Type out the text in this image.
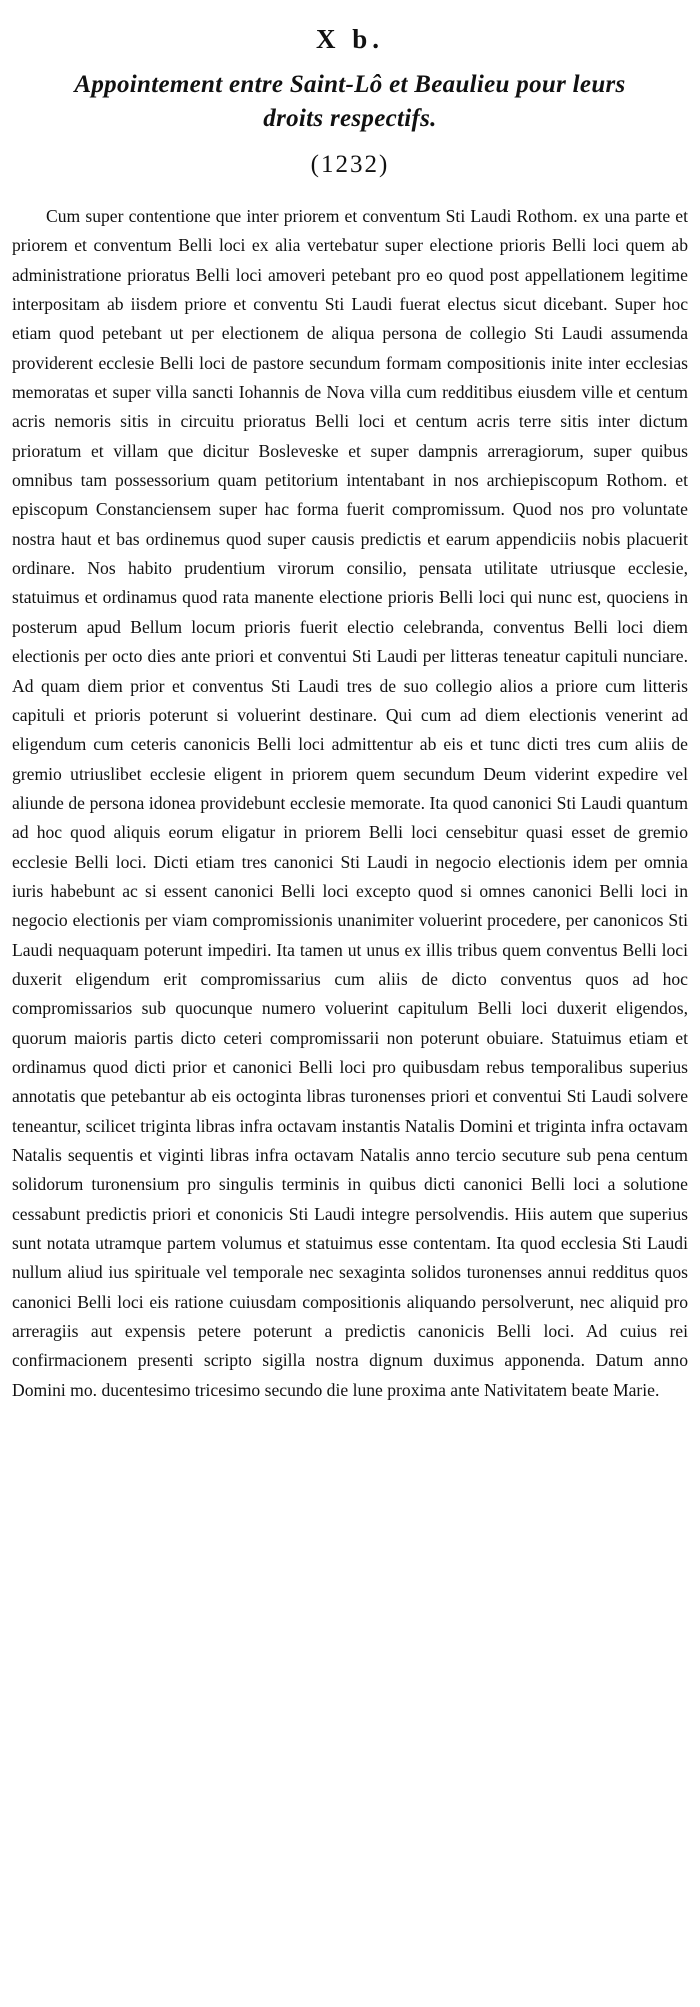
X b.
Appointement entre Saint-Lô et Beaulieu pour leurs droits respectifs.
(1232)

Cum super contentione que inter priorem et conventum Sti Laudi Rothom. ex una parte et priorem et conventum Belli loci ex alia vertebatur super electione prioris Belli loci quem ab administratione prioratus Belli loci amoveri petebant pro eo quod post appellationem legitime interpositam ab iisdem priore et conventu Sti Laudi fuerat electus sicut dicebant. Super hoc etiam quod petebant ut per electionem de aliqua persona de collegio Sti Laudi assumenda providerent ecclesie Belli loci de pastore secundum formam compositionis inite inter ecclesias memoratas et super villa sancti Iohannis de Nova villa cum redditibus eiusdem ville et centum acris nemoris sitis in circuitu prioratus Belli loci et centum acris terre sitis inter dictum prioratum et villam que dicitur Bosleveske et super dampnis arreragiorum, super quibus omnibus tam possessorium quam petitorium intentabant in nos archiepiscopum Rothom. et episcopum Constanciensem super hac forma fuerit compromissum. Quod nos pro voluntate nostra haut et bas ordinemus quod super causis predictis et earum appendiciis nobis placuerit ordinare. Nos habito prudentium virorum consilio, pensata utilitate utriusque ecclesie, statuimus et ordinamus quod rata manente electione prioris Belli loci qui nunc est, quociens in posterum apud Bellum locum prioris fuerit electio celebranda, conventus Belli loci diem electionis per octo dies ante priori et conventui Sti Laudi per litteras teneatur capituli nunciare. Ad quam diem prior et conventus Sti Laudi tres de suo collegio alios a priore cum litteris capituli et prioris poterunt si voluerint destinare. Qui cum ad diem electionis venerint ad eligendum cum ceteris canonicis Belli loci admittentur ab eis et tunc dicti tres cum aliis de gremio utriuslibet ecclesie eligent in priorem quem secundum Deum viderint expedire vel aliunde de persona idonea providebunt ecclesie memorate. Ita quod canonici Sti Laudi quantum ad hoc quod aliquis eorum eligatur in priorem Belli loci censebitur quasi esset de gremio ecclesie Belli loci. Dicti etiam tres canonici Sti Laudi in negocio electionis idem per omnia iuris habebunt ac si essent canonici Belli loci excepto quod si omnes canonici Belli loci in negocio electionis per viam compromissionis unanimiter voluerint procedere, per canonicos Sti Laudi nequaquam poterunt impediri. Ita tamen ut unus ex illis tribus quem conventus Belli loci duxerit eligendum erit compromissarius cum aliis de dicto conventus quos ad hoc compromissarios sub quocunque numero voluerint capitulum Belli loci duxerit eligendos, quorum maioris partis dicto ceteri compromissarii non poterunt obuiare. Statuimus etiam et ordinamus quod dicti prior et canonici Belli loci pro quibusdam rebus temporalibus superius annotatis que petebantur ab eis octoginta libras turonenses priori et conventui Sti Laudi solvere teneantur, scilicet triginta libras infra octavam instantis Natalis Domini et triginta infra octavam Natalis sequentis et viginti libras infra octavam Natalis anno tercio secuture sub pena centum solidorum turonensium pro singulis terminis in quibus dicti canonici Belli loci a solutione cessabunt predictis priori et cononicis Sti Laudi integre persolvendis. Hiis autem que superius sunt notata utramque partem volumus et statuimus esse contentam. Ita quod ecclesia Sti Laudi nullum aliud ius spirituale vel temporale nec sexaginta solidos turonenses annui redditus quos canonici Belli loci eis ratione cuiusdam compositionis aliquando persolverunt, nec aliquid pro arreragiis aut expensis petere poterunt a predictis canonicis Belli loci. Ad cuius rei confirmacionem presenti scripto sigilla nostra dignum duximus apponenda. Datum anno Domini mo. ducentesimo tricesimo secundo die lune proxima ante Nativitatem beate Marie.
